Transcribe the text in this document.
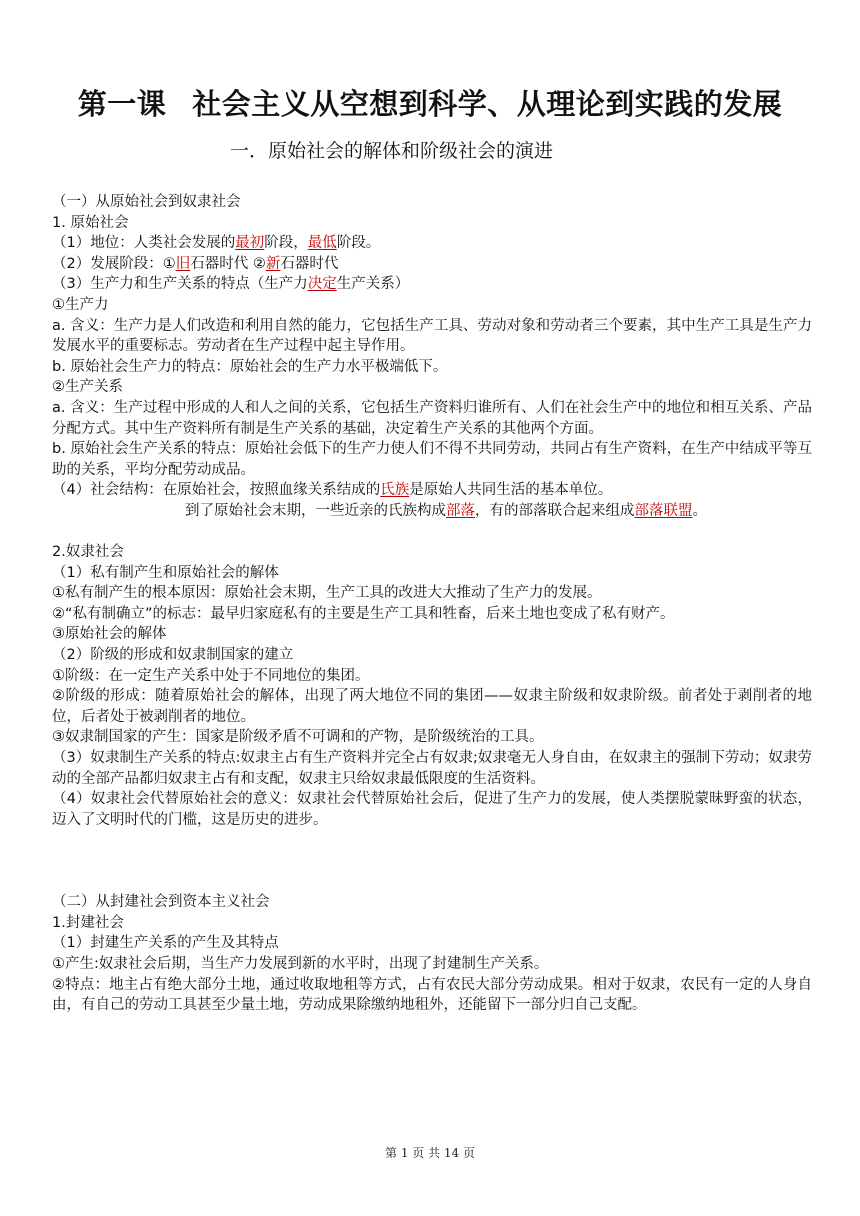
第一课 社会主义从空想到科学、从理论到实践的发展
一．原始社会的解体和阶级社会的演进
（一）从原始社会到奴隶社会
1. 原始社会
（1）地位：人类社会发展的最初阶段，最低阶段。
（2）发展阶段：①旧石器时代 ②新石器时代
（3）生产力和生产关系的特点（生产力决定生产关系）
①生产力
a. 含义：生产力是人们改造和利用自然的能力，它包括生产工具、劳动对象和劳动者三个要素，其中生产工具是生产力发展水平的重要标志。劳动者在生产过程中起主导作用。
b. 原始社会生产力的特点：原始社会的生产力水平极端低下。
②生产关系
a. 含义：生产过程中形成的人和人之间的关系，它包括生产资料归谁所有、人们在社会生产中的地位和相互关系、产品分配方式。其中生产资料所有制是生产关系的基础，决定着生产关系的其他两个方面。
b. 原始社会生产关系的特点：原始社会低下的生产力使人们不得不共同劳动，共同占有生产资料，在生产中结成平等互助的关系，平均分配劳动成品。
（4）社会结构：在原始社会，按照血缘关系结成的氏族是原始人共同生活的基本单位。
到了原始社会末期，一些近亲的氏族构成部落，有的部落联合起来组成部落联盟。
2.奴隶社会
（1）私有制产生和原始社会的解体
①私有制产生的根本原因：原始社会末期，生产工具的改进大大推动了生产力的发展。
②“私有制确立”的标志：最早归家庭私有的主要是生产工具和牲畜，后来土地也变成了私有财产。
③原始社会的解体
（2）阶级的形成和奴隶制国家的建立
①阶级：在一定生产关系中处于不同地位的集团。
②阶级的形成：随着原始社会的解体，出现了两大地位不同的集团——奴隶主阶级和奴隶阶级。前者处于剥削者的地位，后者处于被剥削者的地位。
③奴隶制国家的产生：国家是阶级矛盾不可调和的产物，是阶级统治的工具。
（3）奴隶制生产关系的特点:奴隶主占有生产资料并完全占有奴隶;奴隶毫无人身自由，在奴隶主的强制下劳动；奴隶劳动的全部产品都归奴隶主占有和支配，奴隶主只给奴隶最低限度的生活资料。
（4）奴隶社会代替原始社会的意义：奴隶社会代替原始社会后，促进了生产力的发展，使人类摆脱蒙昧野蛮的状态，迈入了文明时代的门槛，这是历史的进步。
（二）从封建社会到资本主义社会
1.封建社会
（1）封建生产关系的产生及其特点
①产生:奴隶社会后期，当生产力发展到新的水平时，出现了封建制生产关系。
②特点：地主占有绝大部分土地，通过收取地租等方式，占有农民大部分劳动成果。相对于奴隶，农民有一定的人身自由，有自己的劳动工具甚至少量土地，劳动成果除缴纳地租外，还能留下一部分归自己支配。
第 1 页 共 14 页
